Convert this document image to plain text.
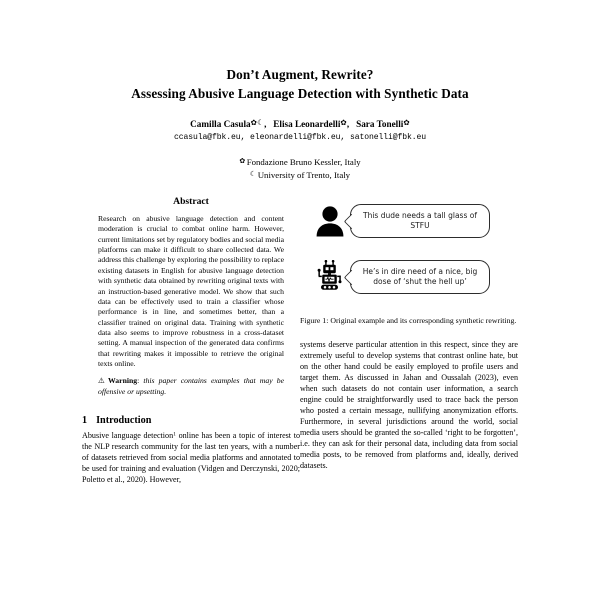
Don’t Augment, Rewrite?
Assessing Abusive Language Detection with Synthetic Data
Camilla Casula✿☾, Elisa Leonardelli✿, Sara Tonelli✿
ccasula@fbk.eu, eleonardelli@fbk.eu, satonelli@fbk.eu
✿ Fondazione Bruno Kessler, Italy
☾ University of Trento, Italy
Abstract

Research on abusive language detection and content moderation is crucial to combat online harm. However, current limitations set by regulatory bodies and social media platforms can make it difficult to share collected data. We address this challenge by exploring the possibility to replace existing datasets in English for abusive language detection with synthetic data obtained by rewriting original texts with an instruction-based generative model. We show that such data can be effectively used to train a classifier whose performance is in line, and sometimes better, than a classifier trained on original data. Training with synthetic data also seems to improve robustness in a cross-dataset setting. A manual inspection of the generated data confirms that rewriting makes it impossible to retrieve the original texts online.

⚠Warning: this paper contains examples that may be offensive or upsetting.
1 Introduction

Abusive language detection$^1$ online has been a topic of interest to the NLP research community for the last ten years, with a number of datasets retrieved from social media platforms and annotated to be used for training and evaluation (Vidgen and Derczynski, 2020; Poletto et al., 2020). However,

This dude needs a tall glass of STFU
He’s in dire need of a nice, big dose of ‘shut the hell up’
Figure 1: Original example and its corresponding synthetic rewriting.

systems deserve particular attention in this respect, since they are extremely useful to develop systems that contrast online hate, but on the other hand could be easily employed to profile users and target them. As discussed in Jahan and Oussalah (2023), even when such datasets do not contain user information, a search engine could be straightforwardly used to trace back the person who posted a certain message, nullifying anonymization efforts. Furthermore, in several jurisdictions around the world, social media users should be granted the so-called ‘right to be forgotten’, i.e. they can ask for their personal data, including data from social media posts, to be removed from platforms and, ideally, derived datasets.
